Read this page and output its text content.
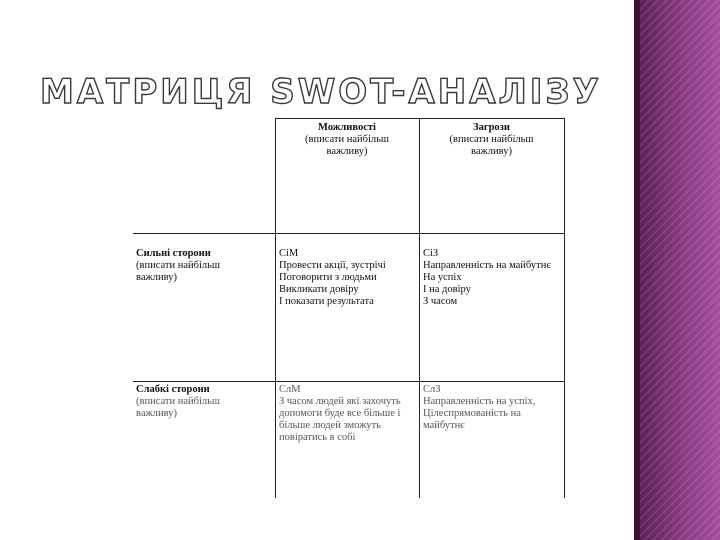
МАТРИЦЯ SWOT-АНАЛІЗУ
Можливості
(вписати найбільш
важливу)
Загрози
(вписати найбільш
важливу)
Сильні сторони
(вписати найбільш
важливу)
СіМ
Провести акції, зустрічі
Поговорити з людьми
Викликати довіру
І показати результата
СіЗ
Направленність на майбутнє
На успіх
І на довіру
З часом
Слабкі сторони
(вписати найбільш
важливу)
СлМ
З часом людей які захочуть
допомоги буде все більше і
більше людей зможуть
повіратись в собі
СлЗ
Направленність на успіх,
Цілеспрямованість на
майбутнє
